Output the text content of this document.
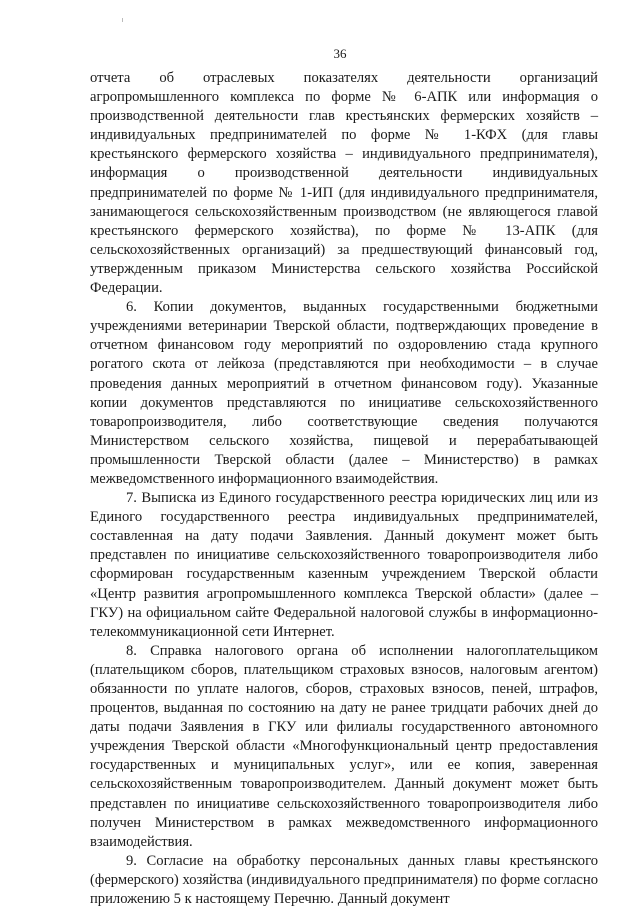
36

отчета об отраслевых показателях деятельности организаций агропромышленного комплекса по форме № 6-АПК или информация о производственной деятельности глав крестьянских фермерских хозяйств – индивидуальных предпринимателей по форме № 1-КФХ (для главы крестьянского фермерского хозяйства – индивидуального предпринимателя), информация о производственной деятельности индивидуальных предпринимателей по форме № 1-ИП (для индивидуального предпринимателя, занимающегося сельскохозяйственным производством (не являющегося главой крестьянского фермерского хозяйства), по форме № 13-АПК (для сельскохозяйственных организаций) за предшествующий финансовый год, утвержденным приказом Министерства сельского хозяйства Российской Федерации.

6. Копии документов, выданных государственными бюджетными учреждениями ветеринарии Тверской области, подтверждающих проведение в отчетном финансовом году мероприятий по оздоровлению стада крупного рогатого скота от лейкоза (представляются при необходимости – в случае проведения данных мероприятий в отчетном финансовом году). Указанные копии документов представляются по инициативе сельскохозяйственного товаропроизводителя, либо соответствующие сведения получаются Министерством сельского хозяйства, пищевой и перерабатывающей промышленности Тверской области (далее – Министерство) в рамках межведомственного информационного взаимодействия.

7. Выписка из Единого государственного реестра юридических лиц или из Единого государственного реестра индивидуальных предпринимателей, составленная на дату подачи Заявления. Данный документ может быть представлен по инициативе сельскохозяйственного товаропроизводителя либо сформирован государственным казенным учреждением Тверской области «Центр развития агропромышленного комплекса Тверской области» (далее – ГКУ) на официальном сайте Федеральной налоговой службы в информационно-телекоммуникационной сети Интернет.

8. Справка налогового органа об исполнении налогоплательщиком (плательщиком сборов, плательщиком страховых взносов, налоговым агентом) обязанности по уплате налогов, сборов, страховых взносов, пеней, штрафов, процентов, выданная по состоянию на дату не ранее тридцати рабочих дней до даты подачи Заявления в ГКУ или филиалы государственного автономного учреждения Тверской области «Многофункциональный центр предоставления государственных и муниципальных услуг», или ее копия, заверенная сельскохозяйственным товаропроизводителем. Данный документ может быть представлен по инициативе сельскохозяйственного товаропроизводителя либо получен Министерством в рамках межведомственного информационного взаимодействия.

9. Согласие на обработку персональных данных главы крестьянского (фермерского) хозяйства (индивидуального предпринимателя) по форме согласно приложению 5 к настоящему Перечню. Данный документ
